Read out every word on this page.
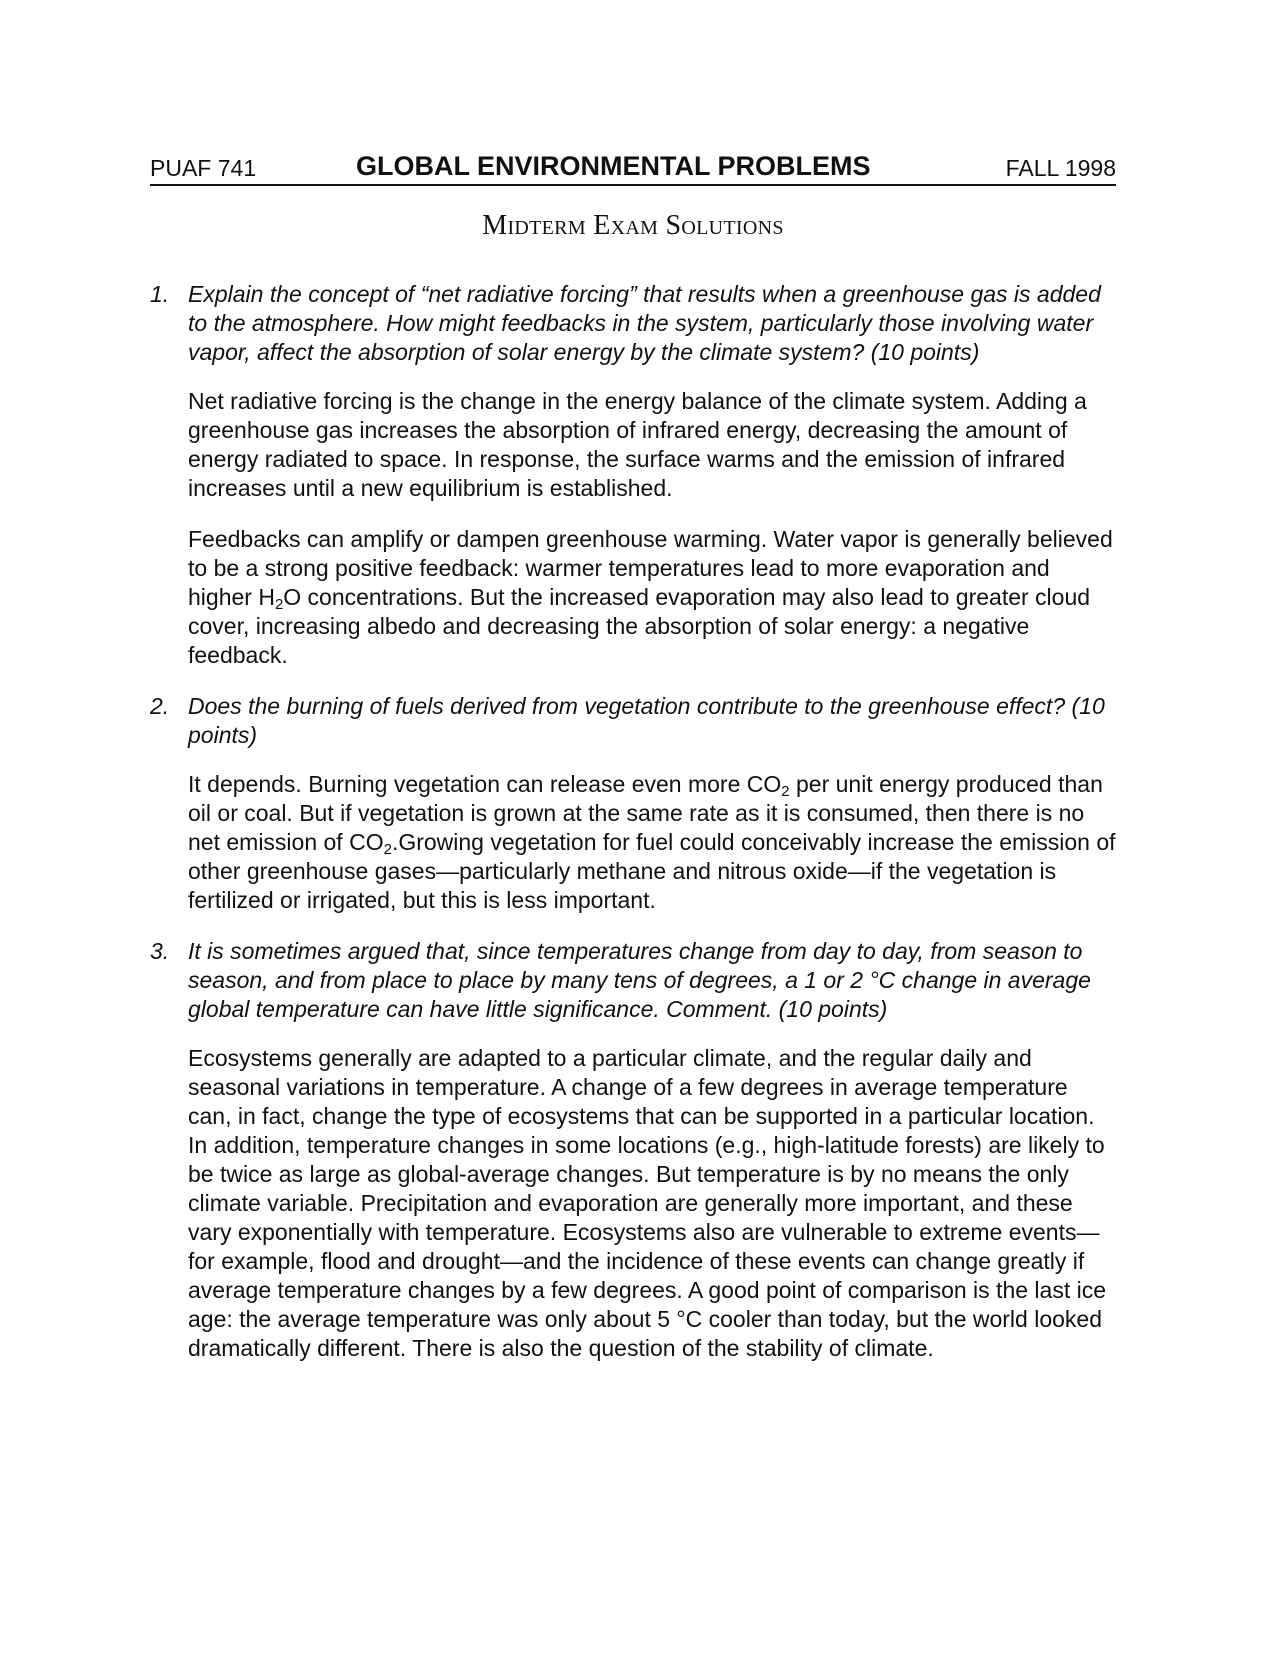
PUAF 741	GLOBAL ENVIRONMENTAL PROBLEMS	FALL 1998
Midterm Exam Solutions
1. Explain the concept of “net radiative forcing” that results when a greenhouse gas is added to the atmosphere. How might feedbacks in the system, particularly those involving water vapor, affect the absorption of solar energy by the climate system? (10 points)

Net radiative forcing is the change in the energy balance of the climate system. Adding a greenhouse gas increases the absorption of infrared energy, decreasing the amount of energy radiated to space. In response, the surface warms and the emission of infrared increases until a new equilibrium is established.

Feedbacks can amplify or dampen greenhouse warming. Water vapor is generally believed to be a strong positive feedback: warmer temperatures lead to more evaporation and higher $H_2O$ concentrations. But the increased evaporation may also lead to greater cloud cover, increasing albedo and decreasing the absorption of solar energy: a negative feedback.

2. Does the burning of fuels derived from vegetation contribute to the greenhouse effect? (10 points)

It depends. Burning vegetation can release even more $CO_2$ per unit energy produced than oil or coal. But if vegetation is grown at the same rate as it is consumed, then there is no net emission of $CO_2.Growing$ vegetation for fuel could conceivably increase the emission of other greenhouse gases—particularly methane and nitrous oxide—if the vegetation is fertilized or irrigated, but this is less important.

3. It is sometimes argued that, since temperatures change from day to day, from season to season, and from place to place by many tens of degrees, a 1 or 2 °C change in average global temperature can have little significance. Comment. (10 points)

Ecosystems generally are adapted to a particular climate, and the regular daily and seasonal variations in temperature. A change of a few degrees in average temperature can, in fact, change the type of ecosystems that can be supported in a particular location. In addition, temperature changes in some locations (e.g., high-latitude forests) are likely to be twice as large as global-average changes. But temperature is by no means the only climate variable. Precipitation and evaporation are generally more important, and these vary exponentially with temperature. Ecosystems also are vulnerable to extreme events—for example, flood and drought—and the incidence of these events can change greatly if average temperature changes by a few degrees. A good point of comparison is the last ice age: the average temperature was only about 5 °C cooler than today, but the world looked dramatically different. There is also the question of the stability of climate.
